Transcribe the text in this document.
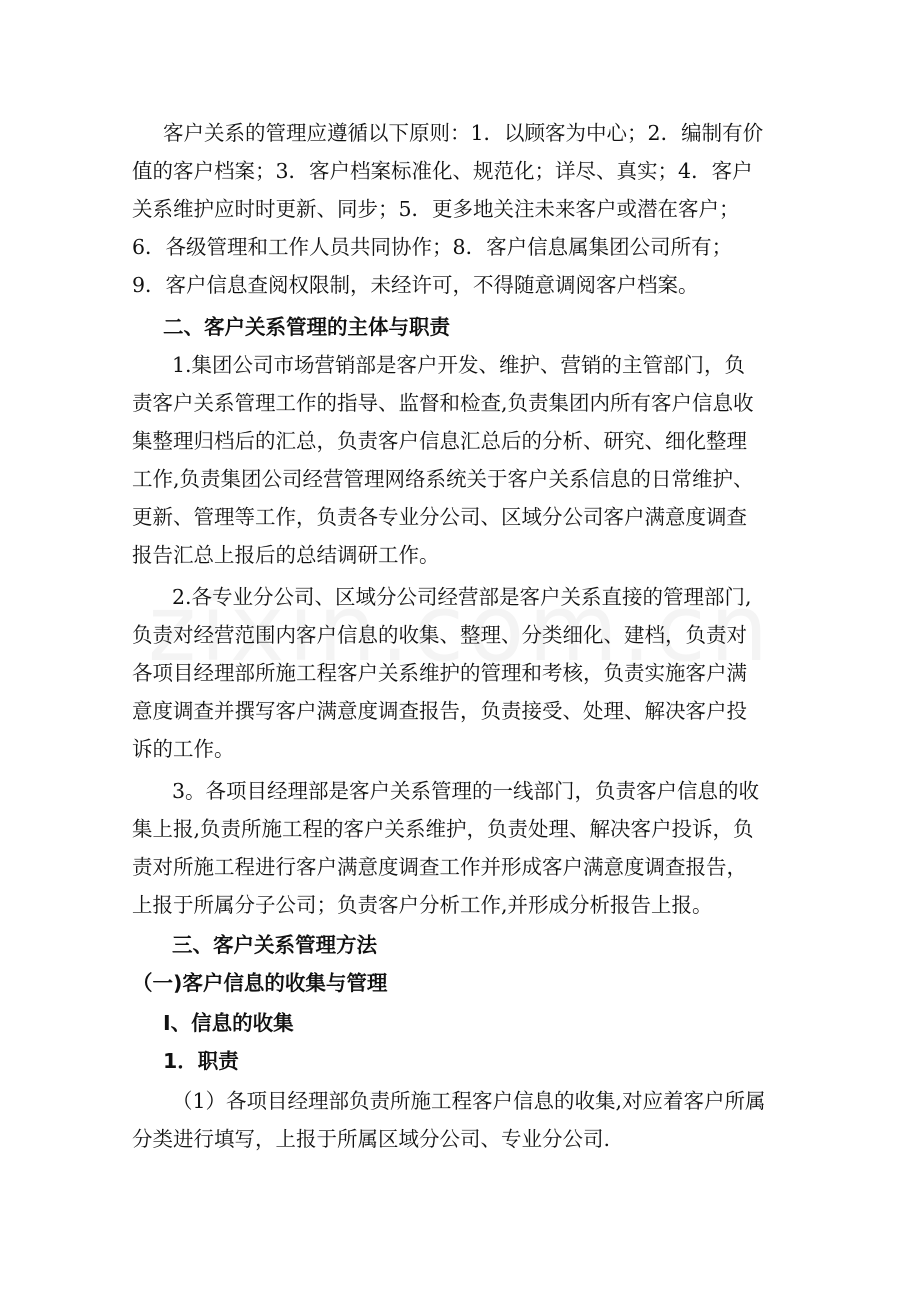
客户关系的管理应遵循以下原则：1．以顾客为中心；2．编制有价

值的客户档案；3．客户档案标准化、规范化；详尽、真实；4．客户

关系维护应时时更新、同步；5．更多地关注未来客户或潜在客户；

6．各级管理和工作人员共同协作；8．客户信息属集团公司所有；

9．客户信息查阅权限制，未经许可，不得随意调阅客户档案。

二、客户关系管理的主体与职责

1.集团公司市场营销部是客户开发、维护、营销的主管部门，负

责客户关系管理工作的指导、监督和检查,负责集团内所有客户信息收

集整理归档后的汇总，负责客户信息汇总后的分析、研究、细化整理

工作,负责集团公司经营管理网络系统关于客户关系信息的日常维护、

更新、管理等工作，负责各专业分公司、区域分公司客户满意度调查

报告汇总上报后的总结调研工作。

2.各专业分公司、区域分公司经营部是客户关系直接的管理部门,

负责对经营范围内客户信息的收集、整理、分类细化、建档，负责对

各项目经理部所施工程客户关系维护的管理和考核，负责实施客户满

意度调查并撰写客户满意度调查报告，负责接受、处理、解决客户投

诉的工作。

3。各项目经理部是客户关系管理的一线部门，负责客户信息的收

集上报,负责所施工程的客户关系维护，负责处理、解决客户投诉，负

责对所施工程进行客户满意度调查工作并形成客户满意度调查报告，

上报于所属分子公司；负责客户分析工作,并形成分析报告上报。

三、客户关系管理方法

（一)客户信息的收集与管理

Ⅰ、信息的收集

1．职责

（1）各项目经理部负责所施工程客户信息的收集,对应着客户所属

分类进行填写，上报于所属区域分公司、专业分公司.
